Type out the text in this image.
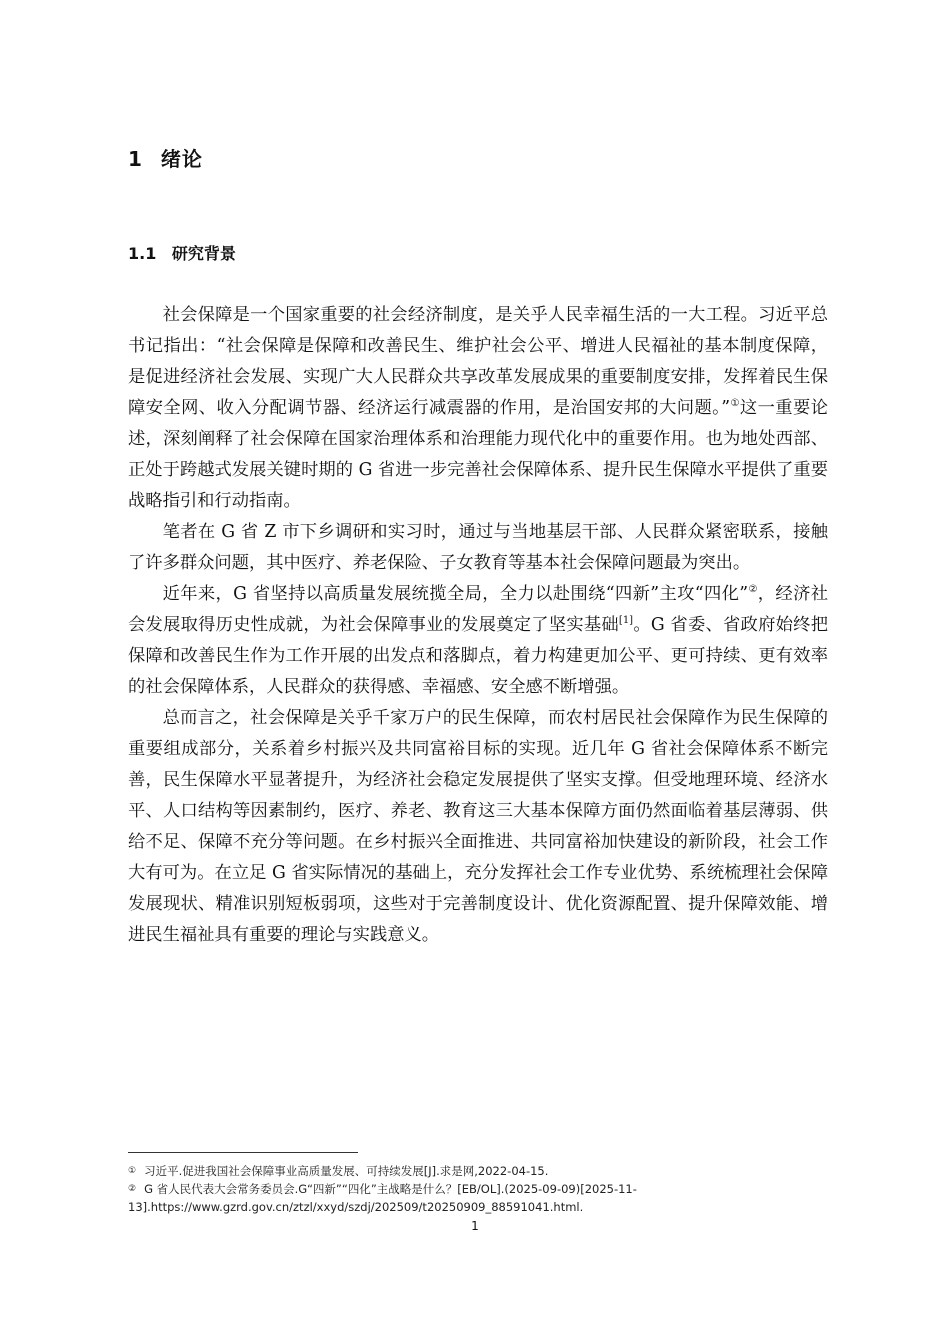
1 绪论
1.1 研究背景

社会保障是一个国家重要的社会经济制度，是关乎人民幸福生活的一大工程。习近平总书记指出：“社会保障是保障和改善民生、维护社会公平、增进人民福祉的基本制度保障，是促进经济社会发展、实现广大人民群众共享改革发展成果的重要制度安排，发挥着民生保障安全网、收入分配调节器、经济运行减震器的作用，是治国安邦的大问题。”①这一重要论述，深刻阐释了社会保障在国家治理体系和治理能力现代化中的重要作用。也为地处西部、正处于跨越式发展关键时期的 G 省进一步完善社会保障体系、提升民生保障水平提供了重要战略指引和行动指南。

笔者在 G 省 Z 市下乡调研和实习时，通过与当地基层干部、人民群众紧密联系，接触了许多群众问题，其中医疗、养老保险、子女教育等基本社会保障问题最为突出。

近年来，G 省坚持以高质量发展统揽全局，全力以赴围绕“四新”主攻“四化”②，经济社会发展取得历史性成就，为社会保障事业的发展奠定了坚实基础[1]。G 省委、省政府始终把保障和改善民生作为工作开展的出发点和落脚点，着力构建更加公平、更可持续、更有效率的社会保障体系，人民群众的获得感、幸福感、安全感不断增强。

总而言之，社会保障是关乎千家万户的民生保障，而农村居民社会保障作为民生保障的重要组成部分，关系着乡村振兴及共同富裕目标的实现。近几年 G 省社会保障体系不断完善，民生保障水平显著提升，为经济社会稳定发展提供了坚实支撑。但受地理环境、经济水平、人口结构等因素制约，医疗、养老、教育这三大基本保障方面仍然面临着基层薄弱、供给不足、保障不充分等问题。在乡村振兴全面推进、共同富裕加快建设的新阶段，社会工作大有可为。在立足 G 省实际情况的基础上，充分发挥社会工作专业优势、系统梳理社会保障发展现状、精准识别短板弱项，这些对于完善制度设计、优化资源配置、提升保障效能、增进民生福祉具有重要的理论与实践意义。

① 习近平.促进我国社会保障事业高质量发展、可持续发展[J].求是网,2022-04-15.

② G 省人民代表大会常务委员会.G“四新”“四化”主战略是什么？[EB/OL].(2025-09-09)[2025-11-13].https://www.gzrd.gov.cn/ztzl/xxyd/szdj/202509/t20250909_88591041.html.

1
